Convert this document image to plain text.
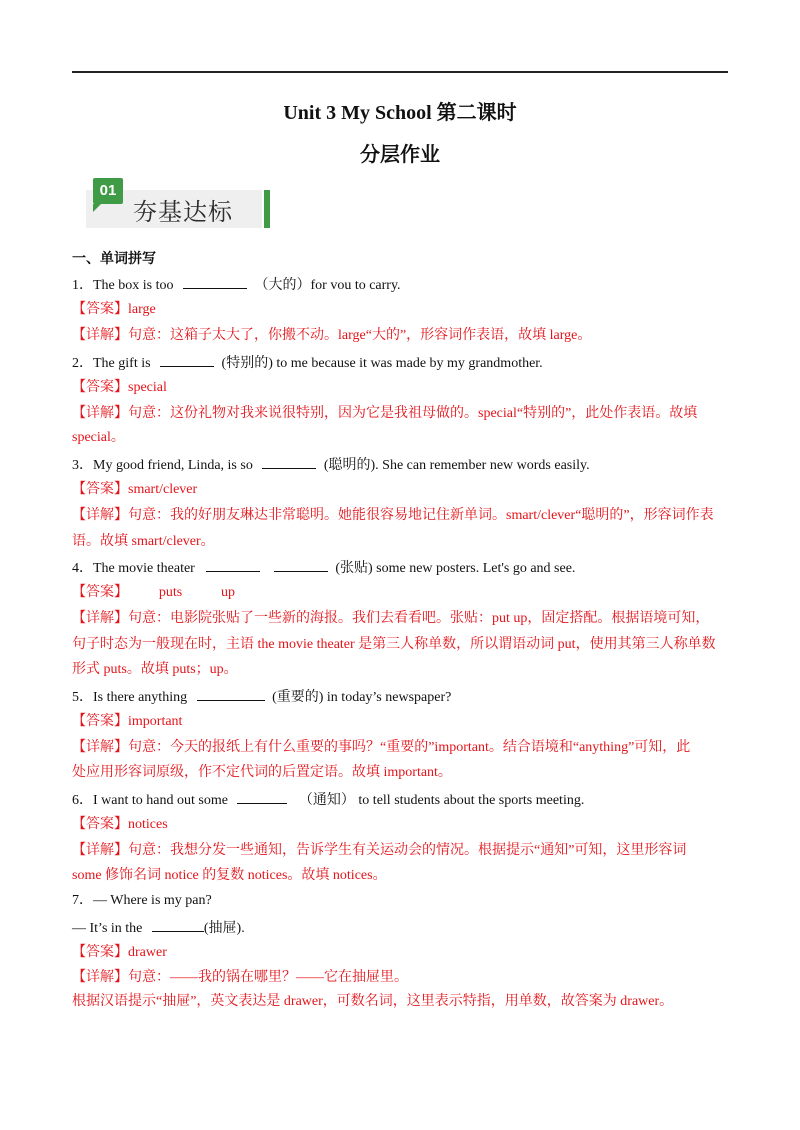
Unit 3 My School 第二课时
分层作业
01
夯基达标
一、单词拼写
1．The box is too	（大的）for vou to carry.
【答案】large
【详解】句意：这箱子太大了，你搬不动。large“大的”，形容词作表语，故填 large。
2．The gift is	(特别的) to me because it was made by my grandmother.
【答案】special
【详解】句意：这份礼物对我来说很特别，因为它是我祖母做的。special“特别的”，此处作表语。故填
special。
3．My good friend, Linda, is so	(聪明的). She can remember new words easily.
【答案】smart/clever
【详解】句意：我的好朋友琳达非常聪明。她能很容易地记住新单词。smart/clever“聪明的”，形容词作表
语。故填 smart/clever。
4．The movie theater	(张贴) some new posters. Let's go and see.
【答案】 puts	up
【详解】句意：电影院张贴了一些新的海报。我们去看看吧。张贴：put up，固定搭配。根据语境可知，
句子时态为一般现在时，主语 the movie theater 是第三人称单数，所以谓语动词 put，使用其第三人称单数
形式 puts。故填 puts；up。
5．Is there anything	(重要的) in today’s newspaper?
【答案】important
【详解】句意：今天的报纸上有什么重要的事吗？“重要的”important。结合语境和“anything”可知，此
处应用形容词原级，作不定代词的后置定语。故填 important。
6．I want to hand out some	（通知） to tell students about the sports meeting.
【答案】notices
【详解】句意：我想分发一些通知，告诉学生有关运动会的情况。根据提示“通知”可知，这里形容词
some 修饰名词 notice 的复数 notices。故填 notices。
7．— Where is my pan?
— It’s in the	(抽屉).
【答案】drawer
【详解】句意：——我的锅在哪里？——它在抽屉里。
根据汉语提示“抽屉”，英文表达是 drawer，可数名词，这里表示特指，用单数，故答案为 drawer。
